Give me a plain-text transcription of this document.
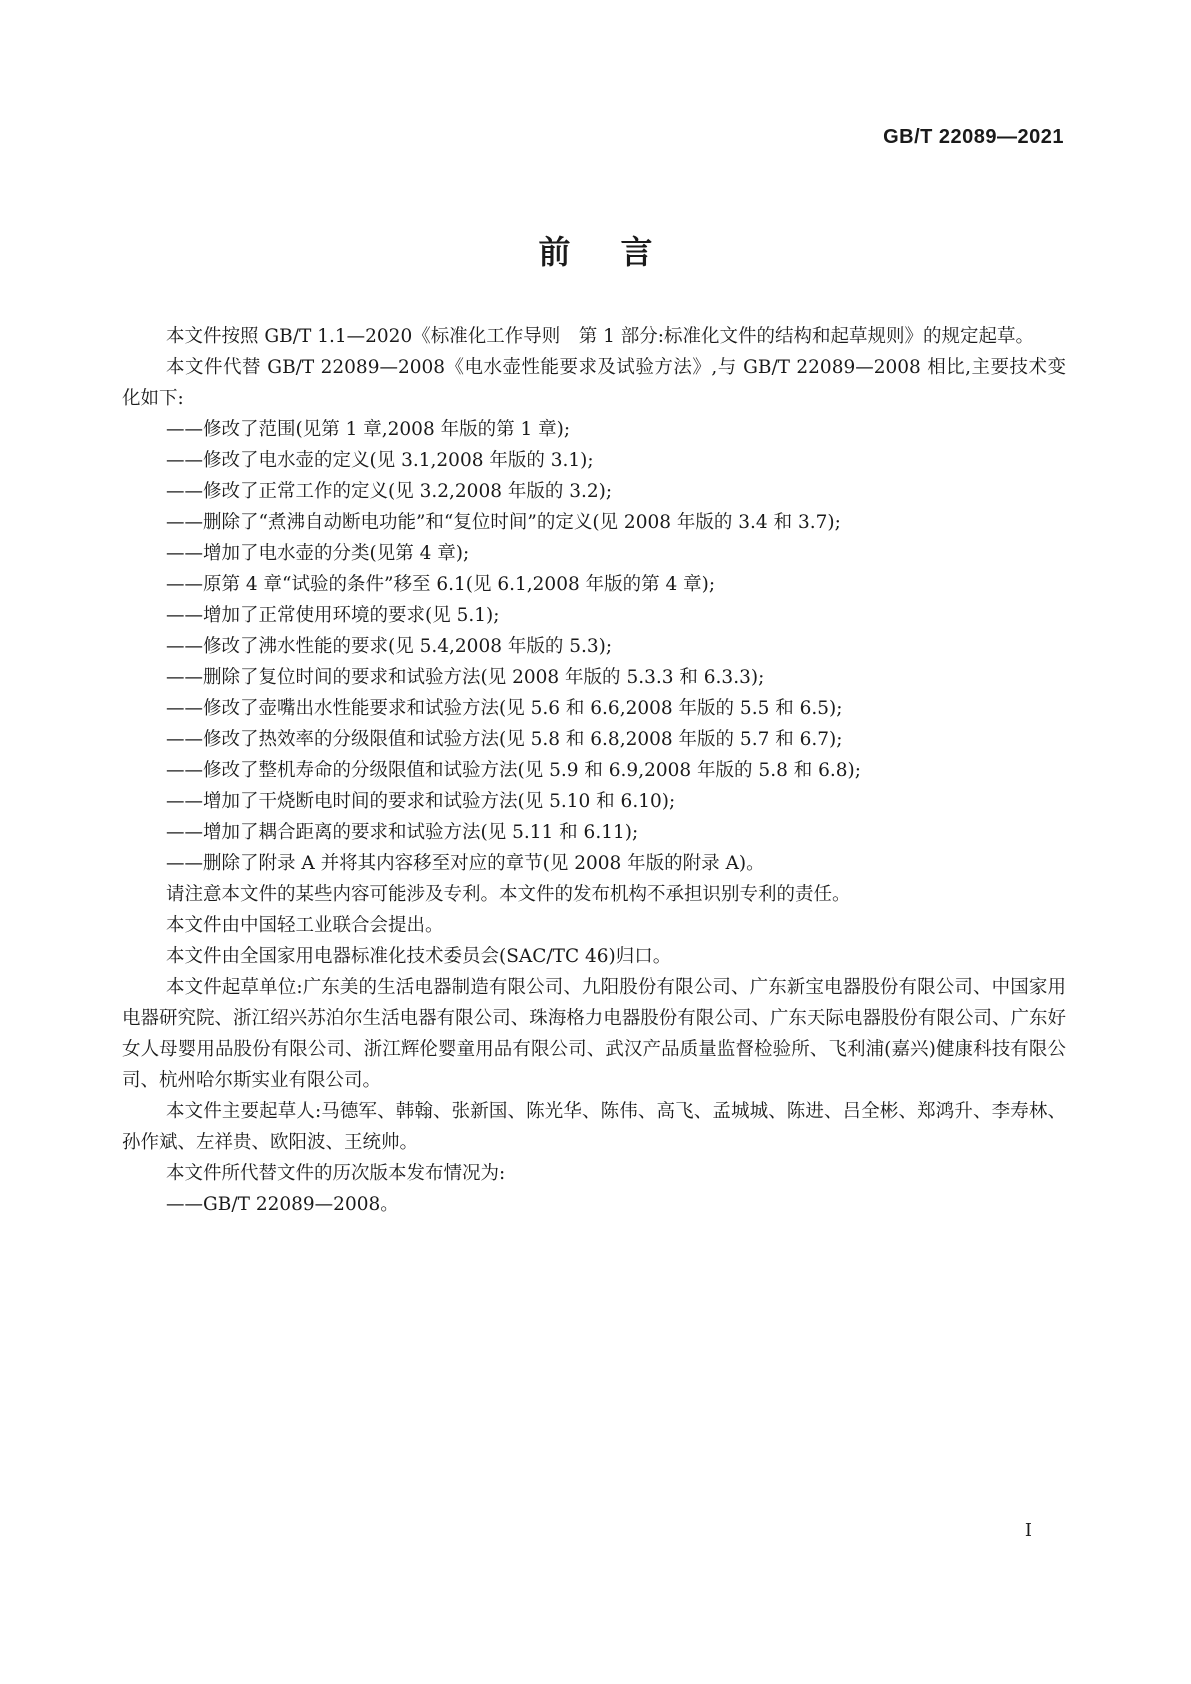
GB/T 22089—2021
前言

本文件按照 GB/T 1.1—2020《标准化工作导则　第 1 部分:标准化文件的结构和起草规则》的规定起草。

本文件代替 GB/T 22089—2008《电水壶性能要求及试验方法》,与 GB/T 22089—2008 相比,主要技术变化如下:

——修改了范围(见第 1 章,2008 年版的第 1 章);

——修改了电水壶的定义(见 3.1,2008 年版的 3.1);

——修改了正常工作的定义(见 3.2,2008 年版的 3.2);

——删除了“煮沸自动断电功能”和“复位时间”的定义(见 2008 年版的 3.4 和 3.7);

——增加了电水壶的分类(见第 4 章);

——原第 4 章“试验的条件”移至 6.1(见 6.1,2008 年版的第 4 章);

——增加了正常使用环境的要求(见 5.1);

——修改了沸水性能的要求(见 5.4,2008 年版的 5.3);

——删除了复位时间的要求和试验方法(见 2008 年版的 5.3.3 和 6.3.3);

——修改了壶嘴出水性能要求和试验方法(见 5.6 和 6.6,2008 年版的 5.5 和 6.5);

——修改了热效率的分级限值和试验方法(见 5.8 和 6.8,2008 年版的 5.7 和 6.7);

——修改了整机寿命的分级限值和试验方法(见 5.9 和 6.9,2008 年版的 5.8 和 6.8);

——增加了干烧断电时间的要求和试验方法(见 5.10 和 6.10);

——增加了耦合距离的要求和试验方法(见 5.11 和 6.11);

——删除了附录 A 并将其内容移至对应的章节(见 2008 年版的附录 A)。

请注意本文件的某些内容可能涉及专利。本文件的发布机构不承担识别专利的责任。

本文件由中国轻工业联合会提出。

本文件由全国家用电器标准化技术委员会(SAC/TC 46)归口。

本文件起草单位:广东美的生活电器制造有限公司、九阳股份有限公司、广东新宝电器股份有限公司、中国家用电器研究院、浙江绍兴苏泊尔生活电器有限公司、珠海格力电器股份有限公司、广东天际电器股份有限公司、广东好女人母婴用品股份有限公司、浙江辉伦婴童用品有限公司、武汉产品质量监督检验所、飞利浦(嘉兴)健康科技有限公司、杭州哈尔斯实业有限公司。

本文件主要起草人:马德军、韩翰、张新国、陈光华、陈伟、高飞、孟城城、陈进、吕全彬、郑鸿升、李寿林、孙作斌、左祥贵、欧阳波、王统帅。

本文件所代替文件的历次版本发布情况为:

——GB/T 22089—2008。

I
